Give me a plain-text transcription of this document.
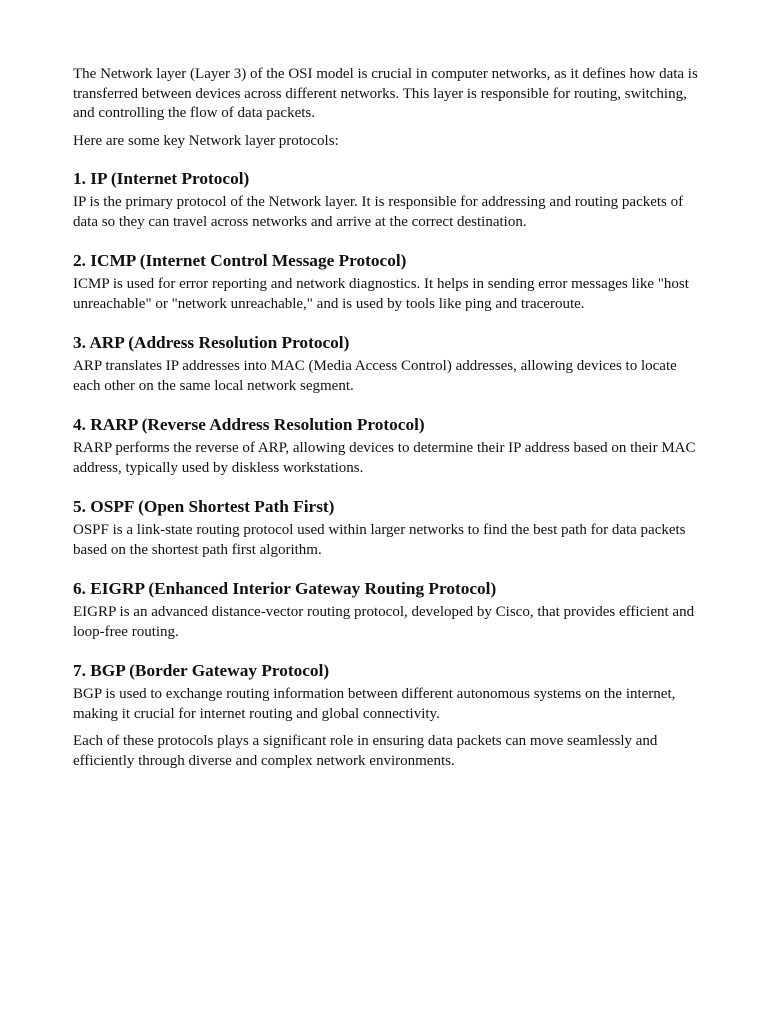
The Network layer (Layer 3) of the OSI model is crucial in computer networks, as it defines how data is transferred between devices across different networks. This layer is responsible for routing, switching, and controlling the flow of data packets.

Here are some key Network layer protocols:

1. IP (Internet Protocol)

IP is the primary protocol of the Network layer. It is responsible for addressing and routing packets of data so they can travel across networks and arrive at the correct destination.

2. ICMP (Internet Control Message Protocol)

ICMP is used for error reporting and network diagnostics. It helps in sending error messages like "host unreachable" or "network unreachable," and is used by tools like ping and traceroute.

3. ARP (Address Resolution Protocol)

ARP translates IP addresses into MAC (Media Access Control) addresses, allowing devices to locate each other on the same local network segment.

4. RARP (Reverse Address Resolution Protocol)

RARP performs the reverse of ARP, allowing devices to determine their IP address based on their MAC address, typically used by diskless workstations.

5. OSPF (Open Shortest Path First)

OSPF is a link-state routing protocol used within larger networks to find the best path for data packets based on the shortest path first algorithm.

6. EIGRP (Enhanced Interior Gateway Routing Protocol)

EIGRP is an advanced distance-vector routing protocol, developed by Cisco, that provides efficient and loop-free routing.

7. BGP (Border Gateway Protocol)

BGP is used to exchange routing information between different autonomous systems on the internet, making it crucial for internet routing and global connectivity.

Each of these protocols plays a significant role in ensuring data packets can move seamlessly and efficiently through diverse and complex network environments.
